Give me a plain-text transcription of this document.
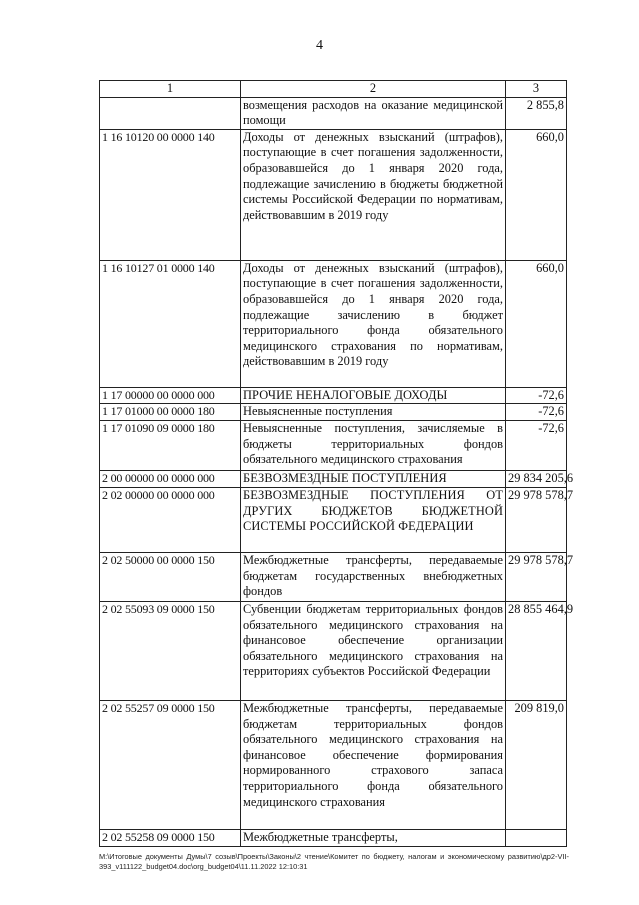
4
1	2	3
	возмещения расходов на оказание медицинской помощи	2 855,8
1 16 10120 00 0000 140	Доходы от денежных взысканий (штрафов), поступающие в счет погашения задолженности, образовавшейся до 1 января 2020 года, подлежащие зачислению в бюджеты бюджетной системы Российской Федерации по нормативам, действовавшим в 2019 году	660,0
1 16 10127 01 0000 140	Доходы от денежных взысканий (штрафов), поступающие в счет погашения задолженности, образовавшейся до 1 января 2020 года, подлежащие зачислению в бюджет территориального фонда обязательного медицинского страхования по нормативам, действовавшим в 2019 году	660,0
1 17 00000 00 0000 000	ПРОЧИЕ НЕНАЛОГОВЫЕ ДОХОДЫ	-72,6
1 17 01000 00 0000 180	Невыясненные поступления	-72,6
1 17 01090 09 0000 180	Невыясненные поступления, зачисляемые в бюджеты территориальных фондов обязательного медицинского страхования	-72,6
2 00 00000 00 0000 000	БЕЗВОЗМЕЗДНЫЕ ПОСТУПЛЕНИЯ	29 834 205,6
2 02 00000 00 0000 000	БЕЗВОЗМЕЗДНЫЕ ПОСТУПЛЕНИЯ ОТ ДРУГИХ БЮДЖЕТОВ БЮДЖЕТНОЙ СИСТЕМЫ РОССИЙСКОЙ ФЕДЕРАЦИИ	29 978 578,7
2 02 50000 00 0000 150	Межбюджетные трансферты, передаваемые бюджетам государственных внебюджетных фондов	29 978 578,7
2 02 55093 09 0000 150	Субвенции бюджетам территориальных фондов обязательного медицинского страхования на финансовое обеспечение организации обязательного медицинского страхования на территориях субъектов Российской Федерации	28 855 464,9
2 02 55257 09 0000 150	Межбюджетные трансферты, передаваемые бюджетам территориальных фондов обязательного медицинского страхования на финансовое обеспечение формирования нормированного страхового запаса территориального фонда обязательного медицинского страхования	209 819,0
2 02 55258 09 0000 150	Межбюджетные трансферты,	
M:\Итоговые документы Думы\7 созыв\Проекты\Законы\2 чтение\Комитет по бюджету, налогам и экономическому развитию\др2-VII-393_v111122_budget04.doc\org_budget04\11.11.2022 12:10:31
